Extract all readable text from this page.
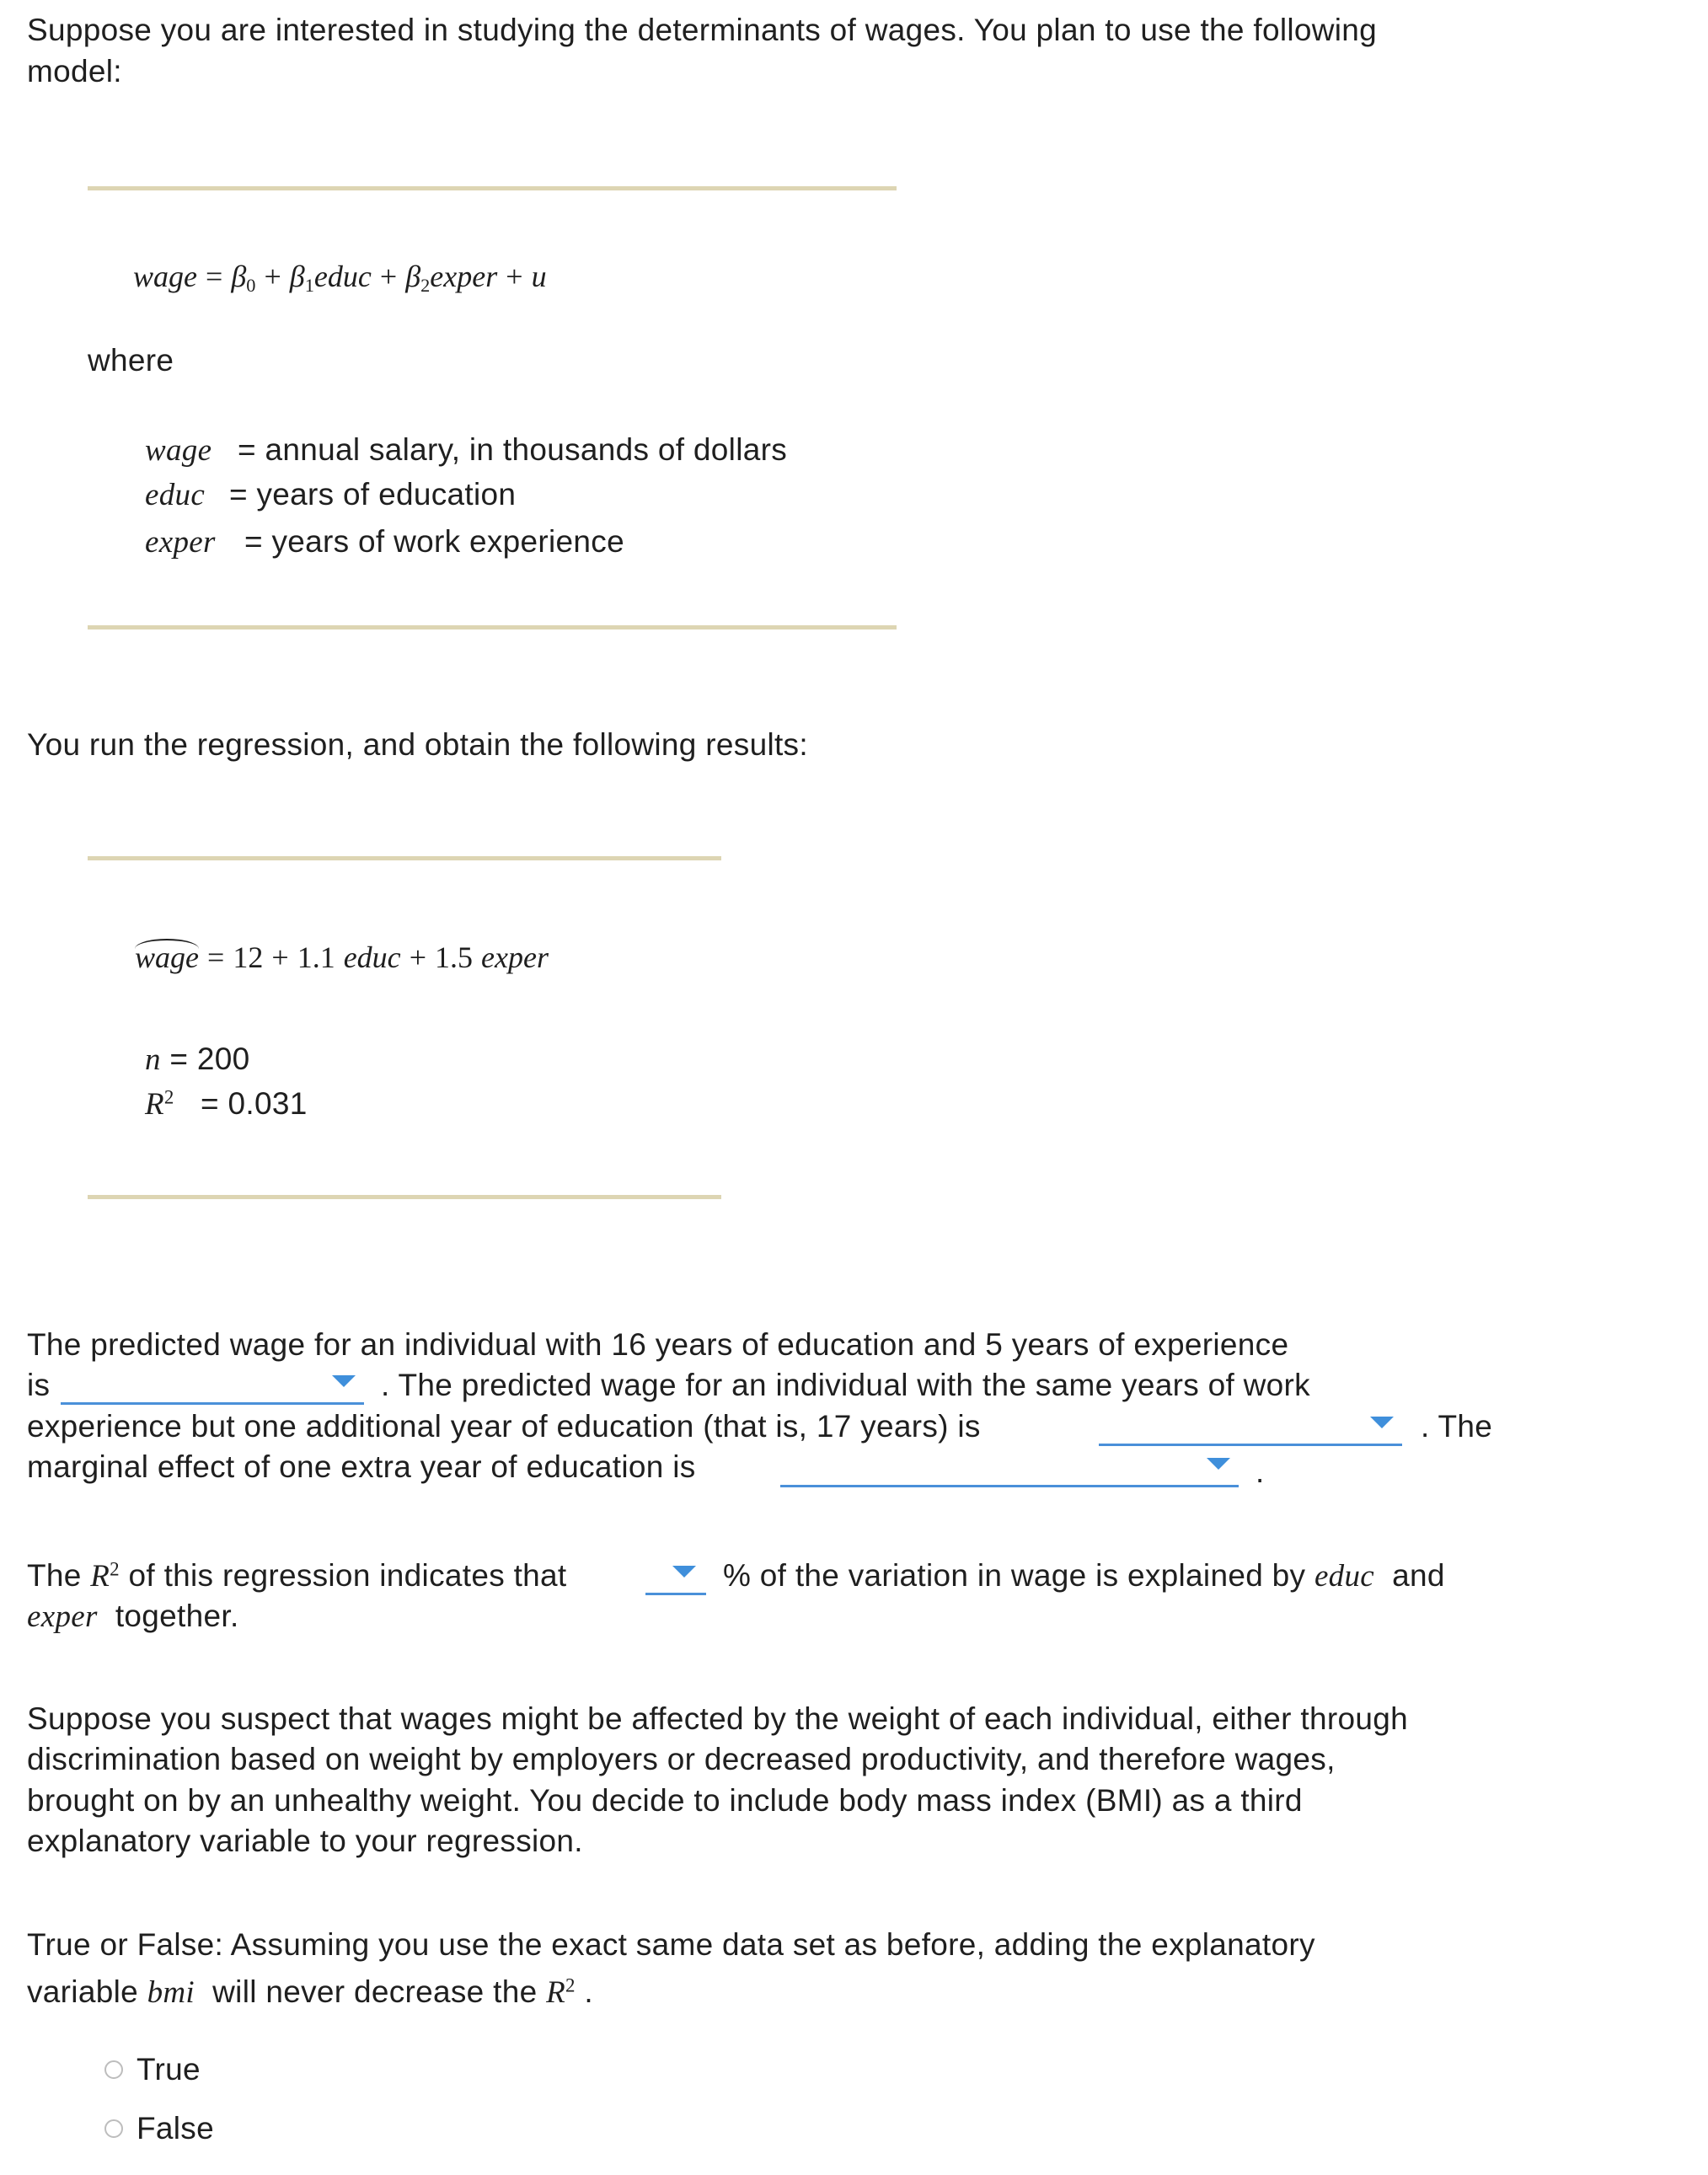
Suppose you are interested in studying the determinants of wages. You plan to use the following
model:
wage = $\beta_0$ + $\beta_1educ$ + $\beta_2exper + u$
where
wage = annual salary, in thousands of dollars
educ = years of education
exper = years of work experience
You run the regression, and obtain the following results:
wage = 12 + 1.1 educ + 1.5 exper
n = 200
$R^2 = 0.031$
The predicted wage for an individual with 16 years of education and 5 years of experience
is	. The predicted wage for an individual with the same years of work
experience but one additional year of education (that is, 17 years) is	. The
marginal effect of one extra year of education is	.
The $R^2$ of this regression indicates that	% of the variation in wage is explained by educ and
exper together.
Suppose you suspect that wages might be affected by the weight of each individual, either through
discrimination based on weight by employers or decreased productivity, and therefore wages,
brought on by an unhealthy weight. You decide to include body mass index (BMI) as a third
explanatory variable to your regression.
True or False: Assuming you use the exact same data set as before, adding the explanatory
variable bmi will never decrease the $R^2$ .
True
False
